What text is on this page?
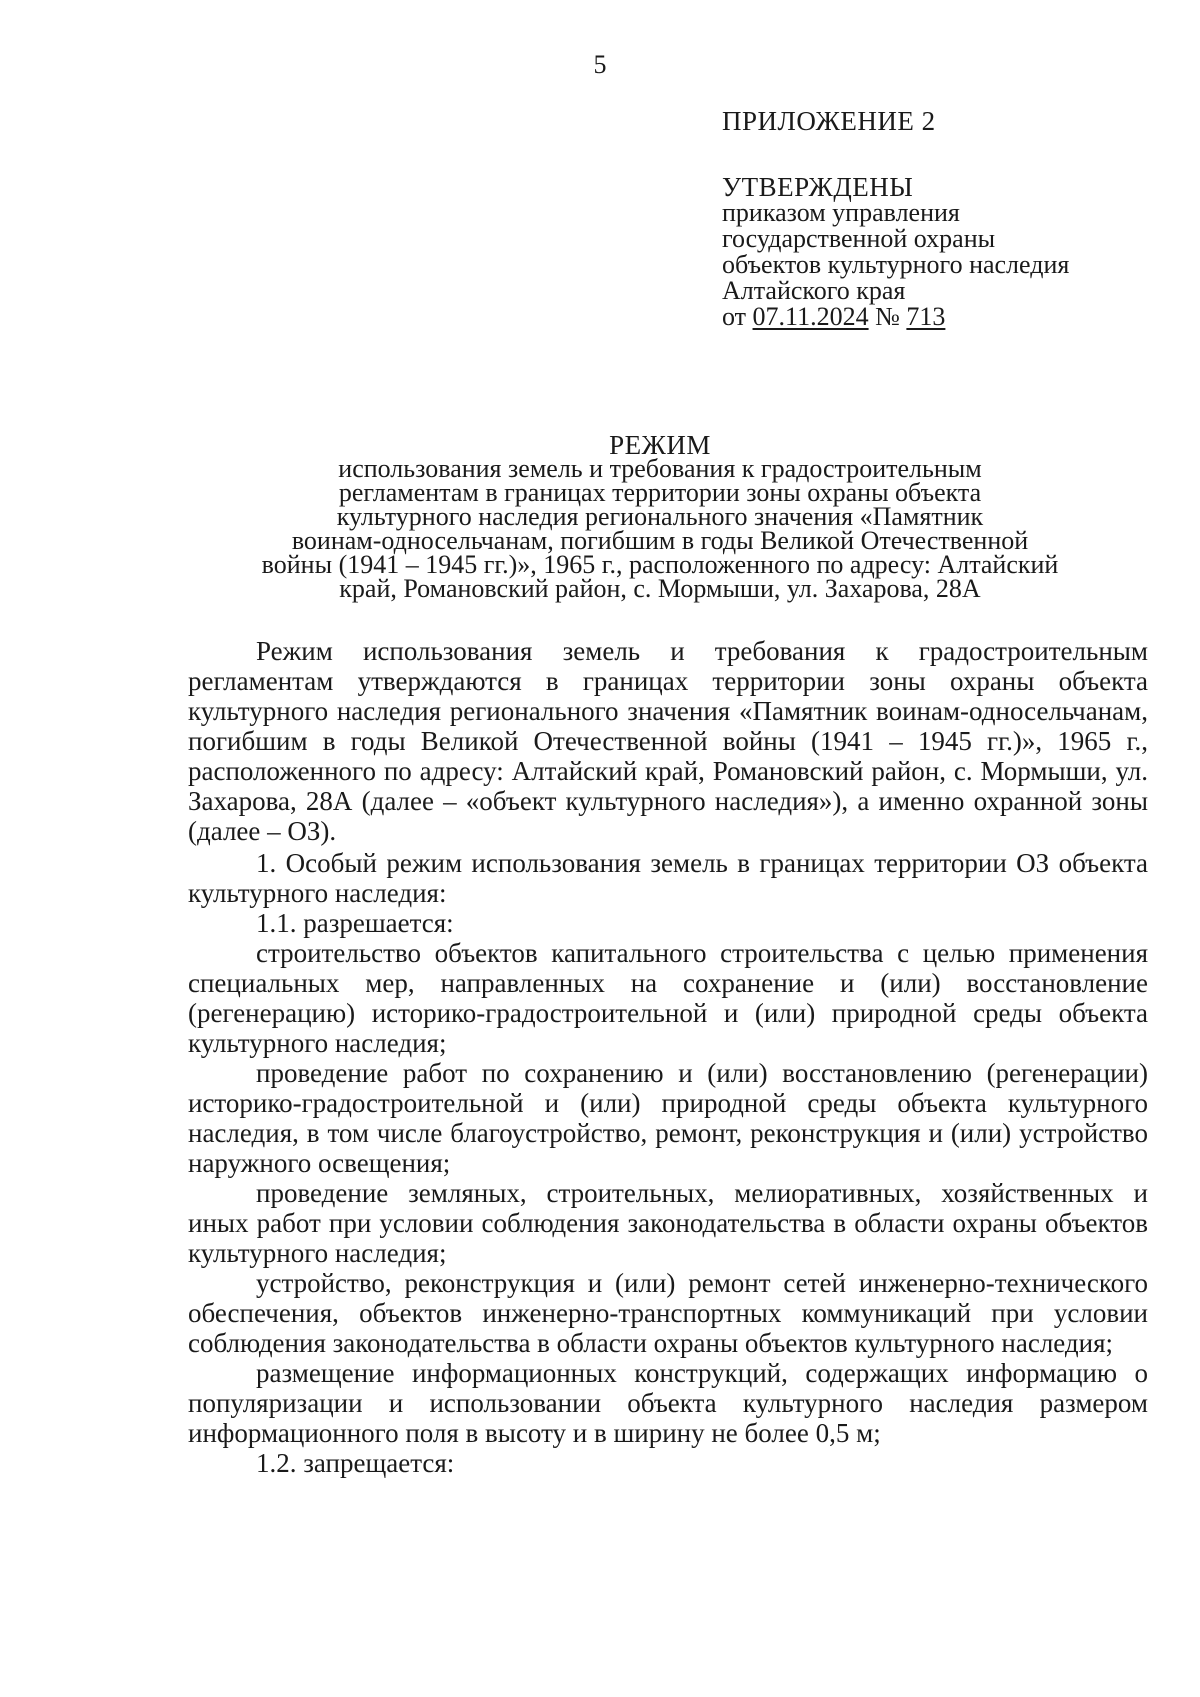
5
ПРИЛОЖЕНИЕ 2
УТВЕРЖДЕНЫ
приказом управления
государственной охраны
объектов культурного наследия
Алтайского края
от 07.11.2024 № 713
РЕЖИМ
использования земель и требования к градостроительным
регламентам в границах территории зоны охраны объекта
культурного наследия регионального значения «Памятник
воинам-односельчанам, погибшим в годы Великой Отечественной
войны (1941 – 1945 гг.)», 1965 г., расположенного по адресу: Алтайский
край, Романовский район, с. Мормыши, ул. Захарова, 28А

Режим использования земель и требования к градостроительным регламентам утверждаются в границах территории зоны охраны объекта культурного наследия регионального значения «Памятник воинам-односельчанам, погибшим в годы Великой Отечественной войны (1941 – 1945 гг.)», 1965 г., расположенного по адресу: Алтайский край, Романовский район, с. Мормыши, ул. Захарова, 28А (далее – «объект культурного наследия»), а именно охранной зоны (далее – ОЗ).

1. Особый режим использования земель в границах территории ОЗ объекта культурного наследия:

1.1. разрешается:

строительство объектов капитального строительства с целью применения специальных мер, направленных на сохранение и (или) восстановление (регенерацию) историко-градостроительной и (или) природной среды объекта культурного наследия;

проведение работ по сохранению и (или) восстановлению (регенерации) историко-градостроительной и (или) природной среды объекта культурного наследия, в том числе благоустройство, ремонт, реконструкция и (или) устройство наружного освещения;

проведение земляных, строительных, мелиоративных, хозяйственных и иных работ при условии соблюдения законодательства в области охраны объектов культурного наследия;

устройство, реконструкция и (или) ремонт сетей инженерно-технического обеспечения, объектов инженерно-транспортных коммуникаций при условии соблюдения законодательства в области охраны объектов культурного наследия;

размещение информационных конструкций, содержащих информацию о популяризации и использовании объекта культурного наследия размером информационного поля в высоту и в ширину не более 0,5 м;

1.2. запрещается:
